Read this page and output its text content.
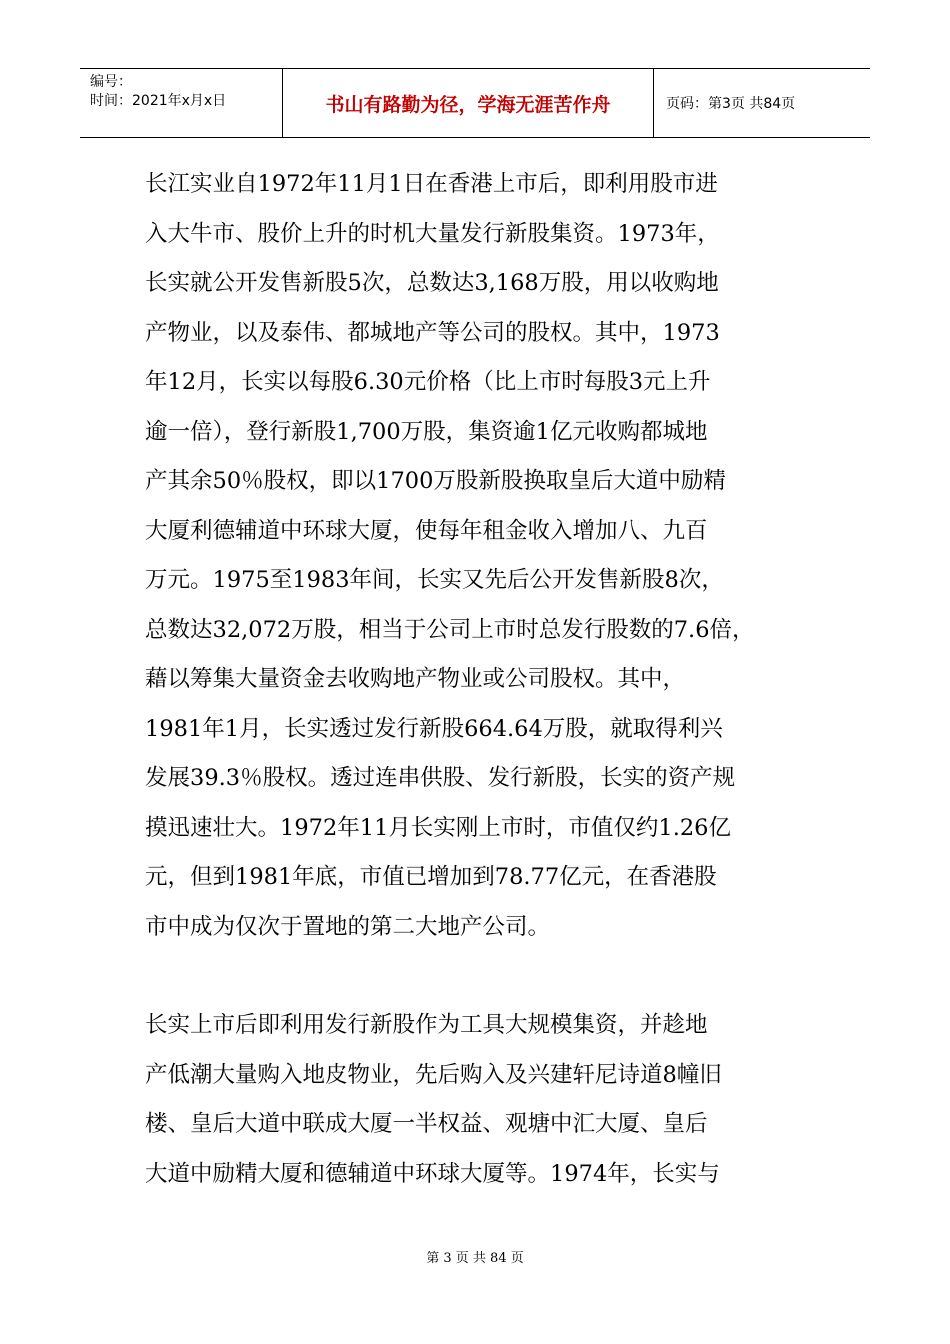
编号：
时间：2021年x月x日	书山有路勤为径，学海无涯苦作舟	页码：第3页 共84页

长江实业自1972年11月1日在香港上市后，即利用股市进
入大牛市、股价上升的时机大量发行新股集资。1973年，
长实就公开发售新股5次，总数达3,168万股，用以收购地
产物业，以及泰伟、都城地产等公司的股权。其中，1973
年12月，长实以每股6.30元价格（比上市时每股3元上升
逾一倍），登行新股1,700万股，集资逾1亿元收购都城地
产其余50％股权，即以1700万股新股换取皇后大道中励精
大厦利德辅道中环球大厦，使每年租金收入增加八、九百
万元。1975至1983年间，长实又先后公开发售新股8次，
总数达32,072万股，相当于公司上市时总发行股数的7.6倍，
藉以筹集大量资金去收购地产物业或公司股权。其中，
1981年1月，长实透过发行新股664.64万股，就取得利兴
发展39.3％股权。透过连串供股、发行新股，长实的资产规
摸迅速壮大。1972年11月长实刚上市时，市值仅约1.26亿
元，但到1981年底，市值已增加到78.77亿元，在香港股
市中成为仅次于置地的第二大地产公司。

长实上市后即利用发行新股作为工具大规模集资，并趁地
产低潮大量购入地皮物业，先后购入及兴建轩尼诗道8幢旧
楼、皇后大道中联成大厦一半权益、观塘中汇大厦、皇后
大道中励精大厦和德辅道中环球大厦等。1974年，长实与

第 3 页 共 84 页
